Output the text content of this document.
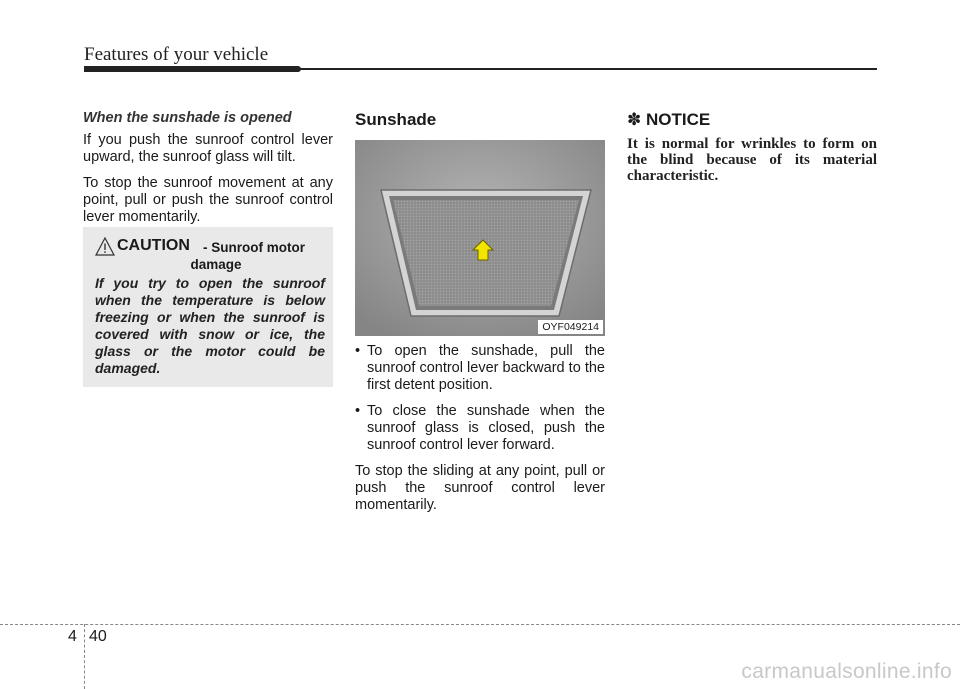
Features of your vehicle
When the sunshade is opened

If you push the sunroof control lever upward, the sunroof glass will tilt.

To stop the sunroof movement at any point, pull or push the sunroof control lever momentarily.

CAUTION - Sunroof motor
damage
If you try to open the sunroof when the temperature is below freezing or when the sunroof is covered with snow or ice, the glass or the motor could be damaged.
Sunshade
OYF049214
• To open the sunshade, pull the sunroof control lever backward to the first detent position.
• To close the sunshade when the sunroof glass is closed, push the sunroof control lever forward.

To stop the sliding at any point, pull or push the sunroof control lever momentarily.

✽ NOTICE
It is normal for wrinkles to form on the blind because of its material characteristic.
4 40
carmanualsonline.info
